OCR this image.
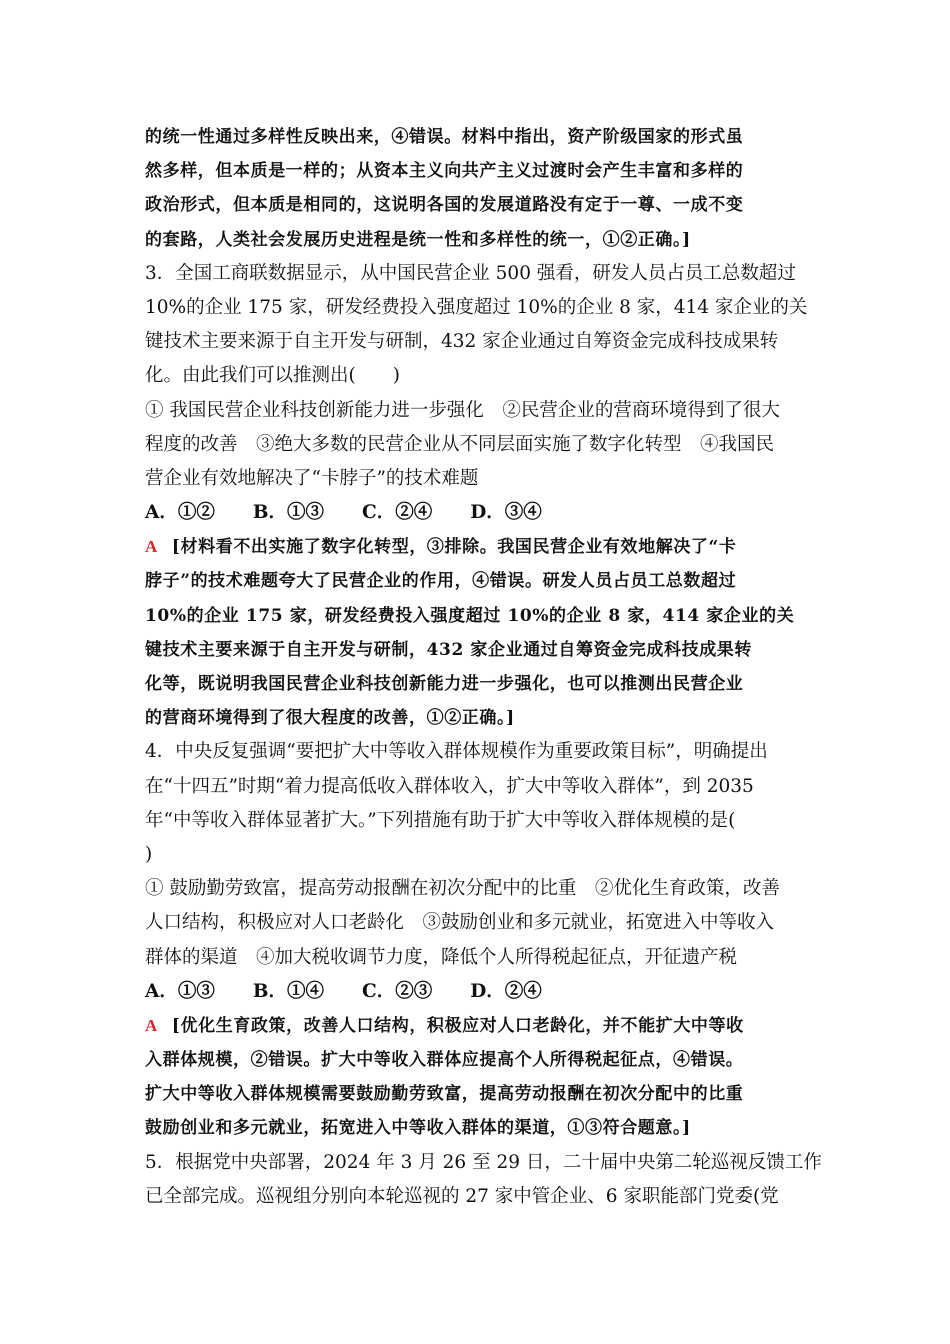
的统一性通过多样性反映出来，④错误。材料中指出，资产阶级国家的形式虽
然多样，但本质是一样的；从资本主义向共产主义过渡时会产生丰富和多样的
政治形式，但本质是相同的，这说明各国的发展道路没有定于一尊、一成不变
的套路，人类社会发展历史进程是统一性和多样性的统一，①②正确。]
3．全国工商联数据显示，从中国民营企业 500 强看，研发人员占员工总数超过
10%的企业 175 家，研发经费投入强度超过 10%的企业 8 家，414 家企业的关
键技术主要来源于自主开发与研制，432 家企业通过自筹资金完成科技成果转
化。由此我们可以推测出(　　)
① 我国民营企业科技创新能力进一步强化　②民营企业的营商环境得到了很大
程度的改善　③绝大多数的民营企业从不同层面实施了数字化转型　④我国民
营企业有效地解决了“卡脖子”的技术难题
A．①② B．①③ C．②④ D．③④
A [材料看不出实施了数字化转型，③排除。我国民营企业有效地解决了“卡
脖子”的技术难题夸大了民营企业的作用，④错误。研发人员占员工总数超过
10%的企业 175 家，研发经费投入强度超过 10%的企业 8 家，414 家企业的关
键技术主要来源于自主开发与研制，432 家企业通过自筹资金完成科技成果转
化等，既说明我国民营企业科技创新能力进一步强化，也可以推测出民营企业
的营商环境得到了很大程度的改善，①②正确。]
4．中央反复强调“要把扩大中等收入群体规模作为重要政策目标”，明确提出
在“十四五”时期“着力提高低收入群体收入，扩大中等收入群体”，到 2035
年“中等收入群体显著扩大。”下列措施有助于扩大中等收入群体规模的是(
)
① 鼓励勤劳致富，提高劳动报酬在初次分配中的比重　②优化生育政策，改善
人口结构，积极应对人口老龄化　③鼓励创业和多元就业，拓宽进入中等收入
群体的渠道　④加大税收调节力度，降低个人所得税起征点，开征遗产税
A．①③ B．①④ C．②③ D．②④
A [优化生育政策，改善人口结构，积极应对人口老龄化，并不能扩大中等收
入群体规模，②错误。扩大中等收入群体应提高个人所得税起征点，④错误。
扩大中等收入群体规模需要鼓励勤劳致富，提高劳动报酬在初次分配中的比重
鼓励创业和多元就业，拓宽进入中等收入群体的渠道，①③符合题意。]
5．根据党中央部署，2024 年 3 月 26 至 29 日，二十届中央第二轮巡视反馈工作
已全部完成。巡视组分别向本轮巡视的 27 家中管企业、6 家职能部门党委(党
